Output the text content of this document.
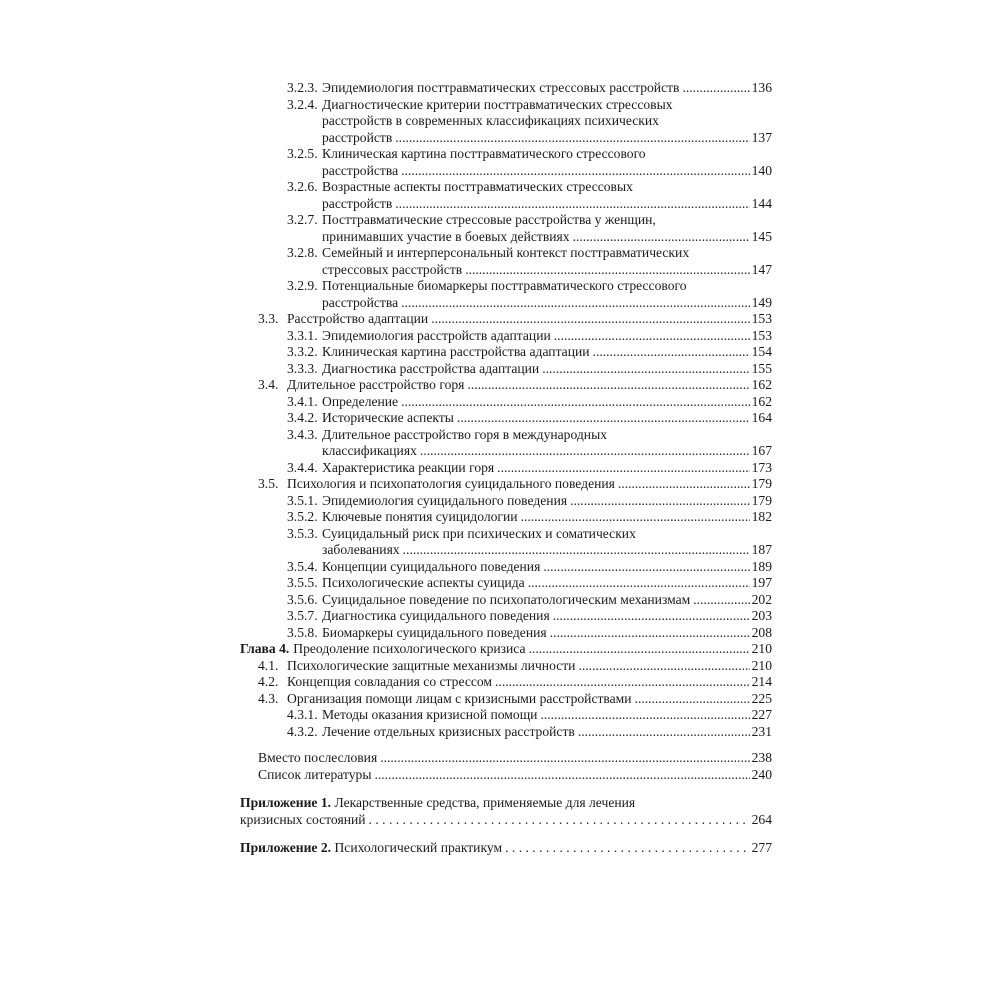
3.2.3. Эпидемиология посттравматических стрессовых расстройств .....	136
3.2.4. Диагностические критерии посттравматических стрессовых
расстройств в современных классификациях психических
расстройств .....	137
3.2.5. Клиническая картина посттравматического стрессового
расстройства .....	140
3.2.6. Возрастные аспекты посттравматических стрессовых
расстройств .....	144
3.2.7. Посттравматические стрессовые расстройства у женщин,
принимавших участие в боевых действиях .....	145
3.2.8. Семейный и интерперсональный контекст посттравматических
стрессовых расстройств .....	147
3.2.9. Потенциальные биомаркеры посттравматического стрессового
расстройства .....	149
3.3. Расстройство адаптации .....	153
3.3.1. Эпидемиология расстройств адаптации .....	153
3.3.2. Клиническая картина расстройства адаптации .....	154
3.3.3. Диагностика расстройства адаптации .....	155
3.4. Длительное расстройство горя .....	162
3.4.1. Определение .....	162
3.4.2. Исторические аспекты .....	164
3.4.3. Длительное расстройство горя в международных
классификациях .....	167
3.4.4. Характеристика реакции горя .....	173
3.5. Психология и психопатология суицидального поведения .....	179
3.5.1. Эпидемиология суицидального поведения .....	179
3.5.2. Ключевые понятия суицидологии .....	182
3.5.3. Суицидальный риск при психических и соматических
заболеваниях .....	187
3.5.4. Концепции суицидального поведения .....	189
3.5.5. Психологические аспекты суицида .....	197
3.5.6. Суицидальное поведение по психопатологическим механизмам .....	202
3.5.7. Диагностика суицидального поведения .....	203
3.5.8. Биомаркеры суицидального поведения .....	208
Глава 4. Преодоление психологического кризиса .....	210
4.1. Психологические защитные механизмы личности .....	210
4.2. Концепция совладания со стрессом .....	214
4.3. Организация помощи лицам с кризисными расстройствами .....	225
4.3.1. Методы оказания кризисной помощи .....	227
4.3.2. Лечение отдельных кризисных расстройств .....	231
Вместо послесловия .....	238
Список литературы .....	240
Приложение 1. Лекарственные средства, применяемые для лечения
кризисных состояний . . .	264
Приложение 2. Психологический практикум . . .	277
